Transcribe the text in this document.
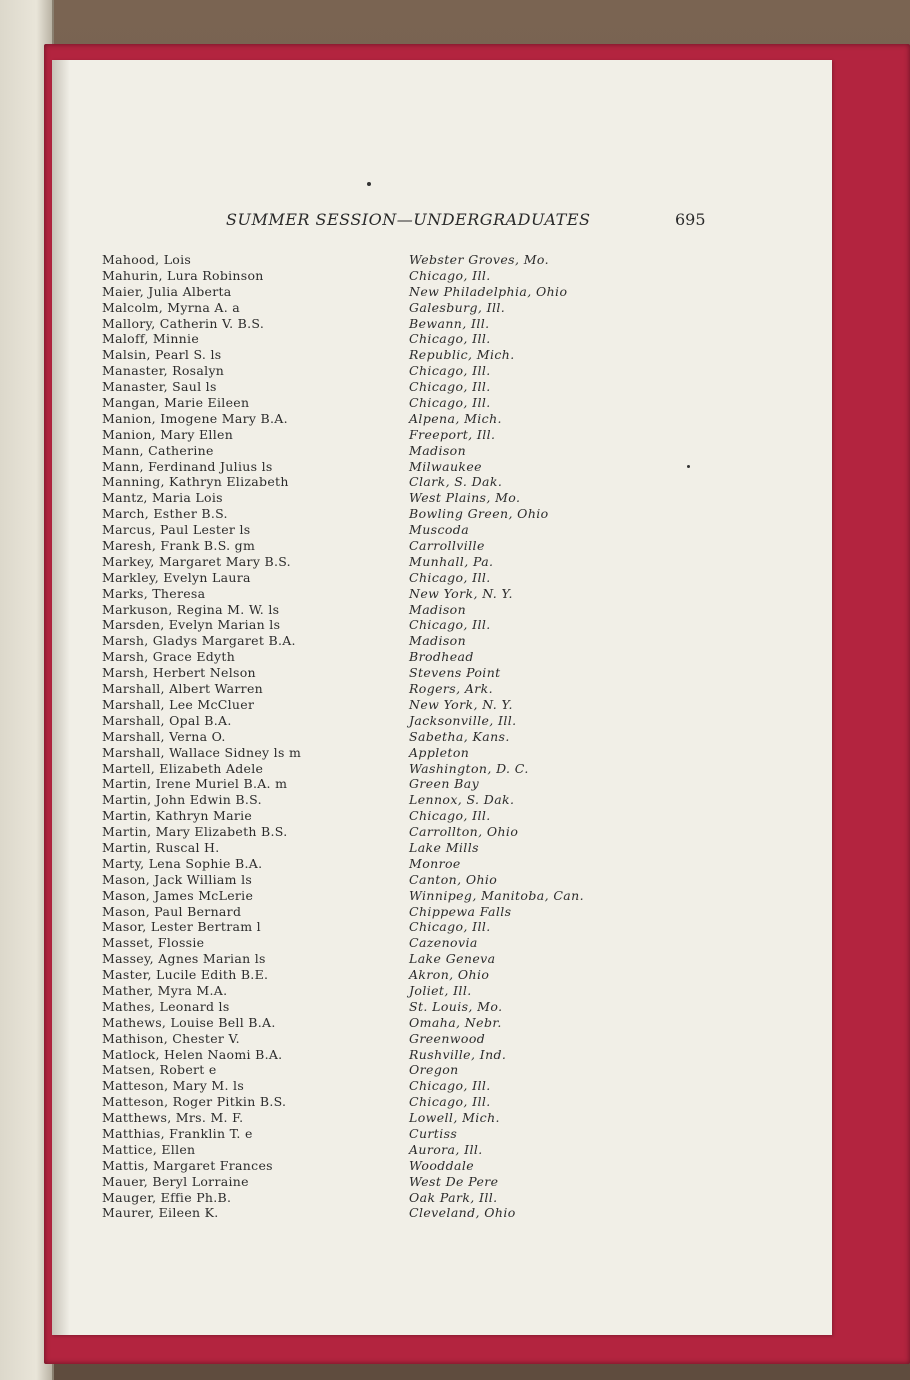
SUMMER SESSION—UNDERGRADUATES	695
Mahood, Lois	Webster Groves, Mo.
Mahurin, Lura Robinson	Chicago, Ill.
Maier, Julia Alberta	New Philadelphia, Ohio
Malcolm, Myrna A. a	Galesburg, Ill.
Mallory, Catherin V. B.S.	Bewann, Ill.
Maloff, Minnie	Chicago, Ill.
Malsin, Pearl S. ls	Republic, Mich.
Manaster, Rosalyn	Chicago, Ill.
Manaster, Saul ls	Chicago, Ill.
Mangan, Marie Eileen	Chicago, Ill.
Manion, Imogene Mary B.A.	Alpena, Mich.
Manion, Mary Ellen	Freeport, Ill.
Mann, Catherine	Madison
Mann, Ferdinand Julius ls	Milwaukee
Manning, Kathryn Elizabeth	Clark, S. Dak.
Mantz, Maria Lois	West Plains, Mo.
March, Esther B.S.	Bowling Green, Ohio
Marcus, Paul Lester ls	Muscoda
Maresh, Frank B.S. gm	Carrollville
Markey, Margaret Mary B.S.	Munhall, Pa.
Markley, Evelyn Laura	Chicago, Ill.
Marks, Theresa	New York, N. Y.
Markuson, Regina M. W. ls	Madison
Marsden, Evelyn Marian ls	Chicago, Ill.
Marsh, Gladys Margaret B.A.	Madison
Marsh, Grace Edyth	Brodhead
Marsh, Herbert Nelson	Stevens Point
Marshall, Albert Warren	Rogers, Ark.
Marshall, Lee McCluer	New York, N. Y.
Marshall, Opal B.A.	Jacksonville, Ill.
Marshall, Verna O.	Sabetha, Kans.
Marshall, Wallace Sidney ls m	Appleton
Martell, Elizabeth Adele	Washington, D. C.
Martin, Irene Muriel B.A. m	Green Bay
Martin, John Edwin B.S.	Lennox, S. Dak.
Martin, Kathryn Marie	Chicago, Ill.
Martin, Mary Elizabeth B.S.	Carrollton, Ohio
Martin, Ruscal H.	Lake Mills
Marty, Lena Sophie B.A.	Monroe
Mason, Jack William ls	Canton, Ohio
Mason, James McLerie	Winnipeg, Manitoba, Can.
Mason, Paul Bernard	Chippewa Falls
Masor, Lester Bertram l	Chicago, Ill.
Masset, Flossie	Cazenovia
Massey, Agnes Marian ls	Lake Geneva
Master, Lucile Edith B.E.	Akron, Ohio
Mather, Myra M.A.	Joliet, Ill.
Mathes, Leonard ls	St. Louis, Mo.
Mathews, Louise Bell B.A.	Omaha, Nebr.
Mathison, Chester V.	Greenwood
Matlock, Helen Naomi B.A.	Rushville, Ind.
Matsen, Robert e	Oregon
Matteson, Mary M. ls	Chicago, Ill.
Matteson, Roger Pitkin B.S.	Chicago, Ill.
Matthews, Mrs. M. F.	Lowell, Mich.
Matthias, Franklin T. e	Curtiss
Mattice, Ellen	Aurora, Ill.
Mattis, Margaret Frances	Wooddale
Mauer, Beryl Lorraine	West De Pere
Mauger, Effie Ph.B.	Oak Park, Ill.
Maurer, Eileen K.	Cleveland, Ohio
